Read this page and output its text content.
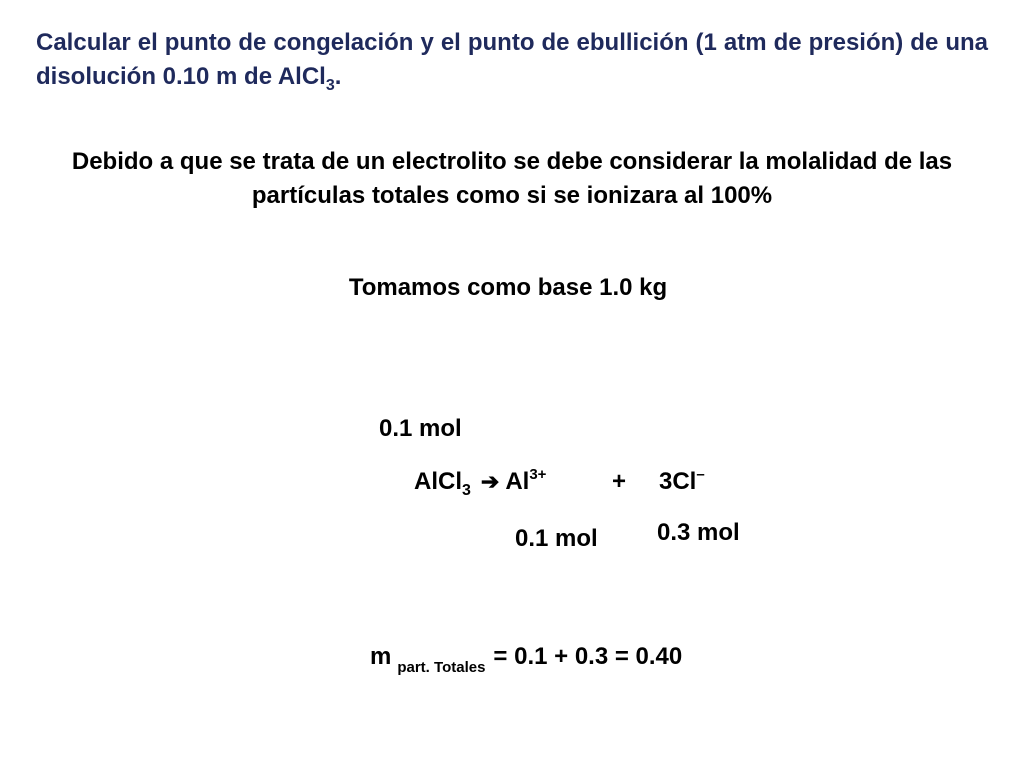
Calcular el punto de congelación y el punto de ebullición (1 atm de presión) de una disolución 0.10 m de AlCl$_3$.

Debido a que se trata de un electrolito se debe considerar la molalidad de las partículas totales como si se ionizara al 100%

Tomamos como base 1.0 kg

0.1 mol
AlCl$_3$ ➔ $Al^{3+}$	+ 3Cl–
0.1 mol 0.3 mol
m $_{part. Totales}$ = 0.1 + 0.3 = 0.40
